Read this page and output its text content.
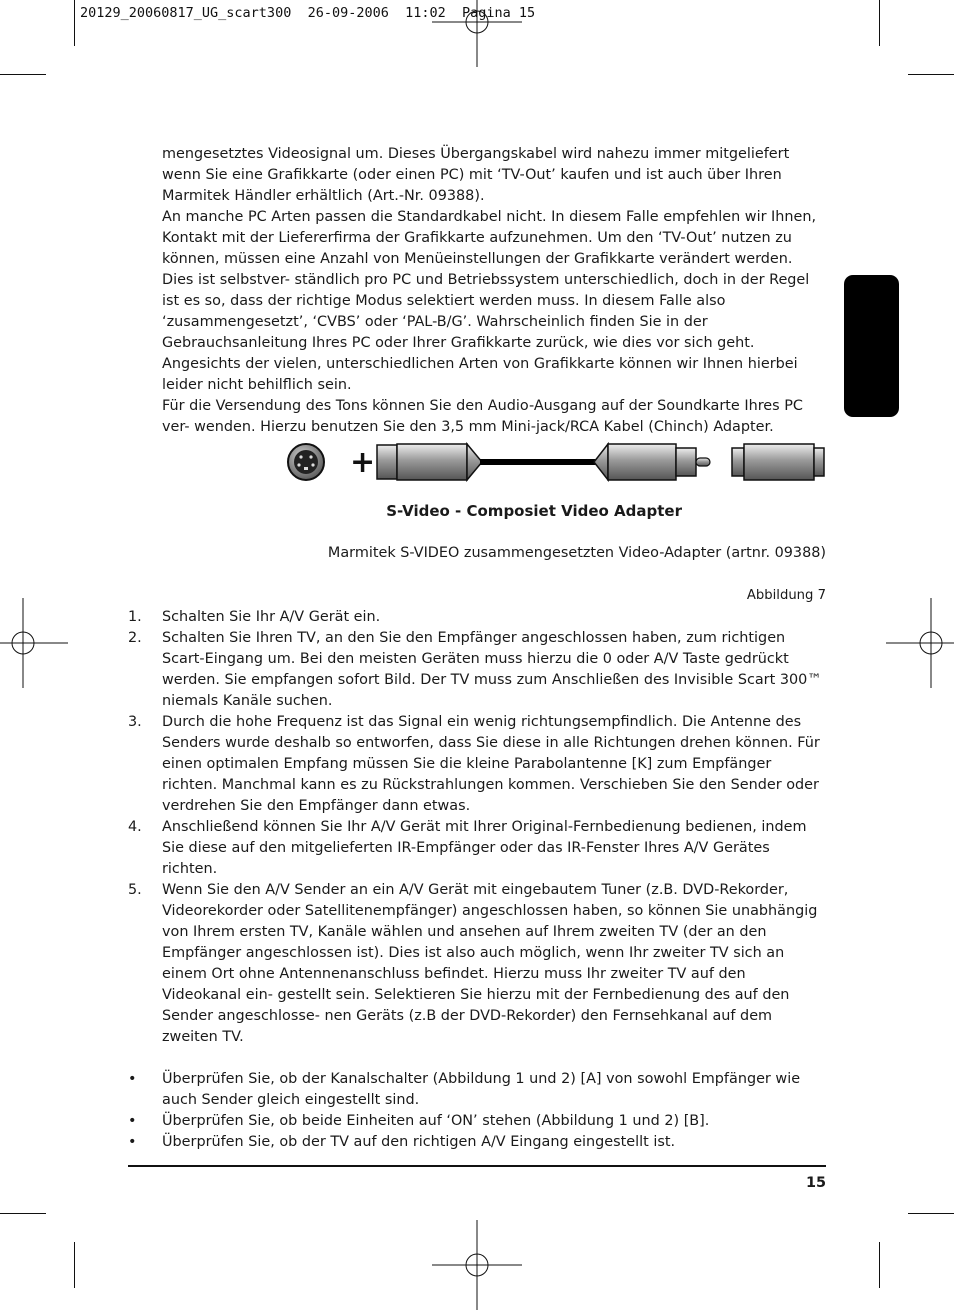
20129_20060817_UG_scart300  26-09-2006  11:02  Pagina 15

mengesetztes Videosignal um. Dieses Übergangskabel wird nahezu immer mitgeliefert wenn Sie eine Grafikkarte (oder einen PC) mit ‘TV-Out’ kaufen und ist auch über Ihren Marmitek Händler erhältlich (Art.-Nr. 09388).

An manche PC Arten passen die Standardkabel nicht. In diesem Falle empfehlen wir Ihnen, Kontakt mit der Liefererfirma der Grafikkarte aufzunehmen. Um den ‘TV-Out’ nutzen zu können, müssen eine Anzahl von Menüeinstellungen der Grafikkarte verändert werden. Dies ist selbstver- ständlich pro PC und Betriebssystem unterschiedlich, doch in der Regel ist es so, dass der richtige Modus selektiert werden muss. In diesem Falle also ‘zusammengesetzt’, ‘CVBS’ oder ‘PAL-B/G’. Wahrscheinlich finden Sie in der Gebrauchsanleitung Ihres PC oder Ihrer Grafikkarte zurück, wie dies vor sich geht. Angesichts der vielen, unterschiedlichen Arten von Grafikkarte können wir Ihnen hierbei leider nicht behilflich sein.

Für die Versendung des Tons können Sie den Audio-Ausgang auf der Soundkarte Ihres PC ver- wenden. Hierzu benutzen Sie den 3,5 mm Mini-jack/RCA Kabel (Chinch) Adapter.

+
S-Video - Composiet Video Adapter
Marmitek S-VIDEO zusammengesetzten Video-Adapter (artnr. 09388)
Abbildung 7
1. Schalten Sie Ihr A/V Gerät ein.
2. Schalten Sie Ihren TV, an den Sie den Empfänger angeschlossen haben, zum richtigen Scart-Eingang um. Bei den meisten Geräten muss hierzu die 0 oder A/V Taste gedrückt werden. Sie empfangen sofort Bild. Der TV muss zum Anschließen des Invisible Scart 300™ niemals Kanäle suchen.
3. Durch die hohe Frequenz ist das Signal ein wenig richtungsempfindlich. Die Antenne des Senders wurde deshalb so entworfen, dass Sie diese in alle Richtungen drehen können. Für einen optimalen Empfang müssen Sie die kleine Parabolantenne [K] zum Empfänger richten. Manchmal kann es zu Rückstrahlungen kommen. Verschieben Sie den Sender oder verdrehen Sie den Empfänger dann etwas.
4. Anschließend können Sie Ihr A/V Gerät mit Ihrer Original-Fernbedienung bedienen, indem Sie diese auf den mitgelieferten IR-Empfänger oder das IR-Fenster Ihres A/V Gerätes richten.
5. Wenn Sie den A/V Sender an ein A/V Gerät mit eingebautem Tuner (z.B. DVD-Rekorder, Videorekorder oder Satellitenempfänger) angeschlossen haben, so können Sie unabhängig von Ihrem ersten TV, Kanäle wählen und ansehen auf Ihrem zweiten TV (der an den Empfänger angeschlossen ist). Dies ist also auch möglich, wenn Ihr zweiter TV sich an einem Ort ohne Antennenanschluss befindet. Hierzu muss Ihr zweiter TV auf den Videokanal ein- gestellt sein. Selektieren Sie hierzu mit der Fernbedienung des auf den Sender angeschlosse- nen Geräts (z.B der DVD-Rekorder) den Fernsehkanal auf dem zweiten TV.
• Überprüfen Sie, ob der Kanalschalter (Abbildung 1 und 2) [A] von sowohl Empfänger wie auch Sender gleich eingestellt sind.
• Überprüfen Sie, ob beide Einheiten auf ‘ON’ stehen (Abbildung 1 und 2) [B].
• Überprüfen Sie, ob der TV auf den richtigen A/V Eingang eingestellt ist.
15
